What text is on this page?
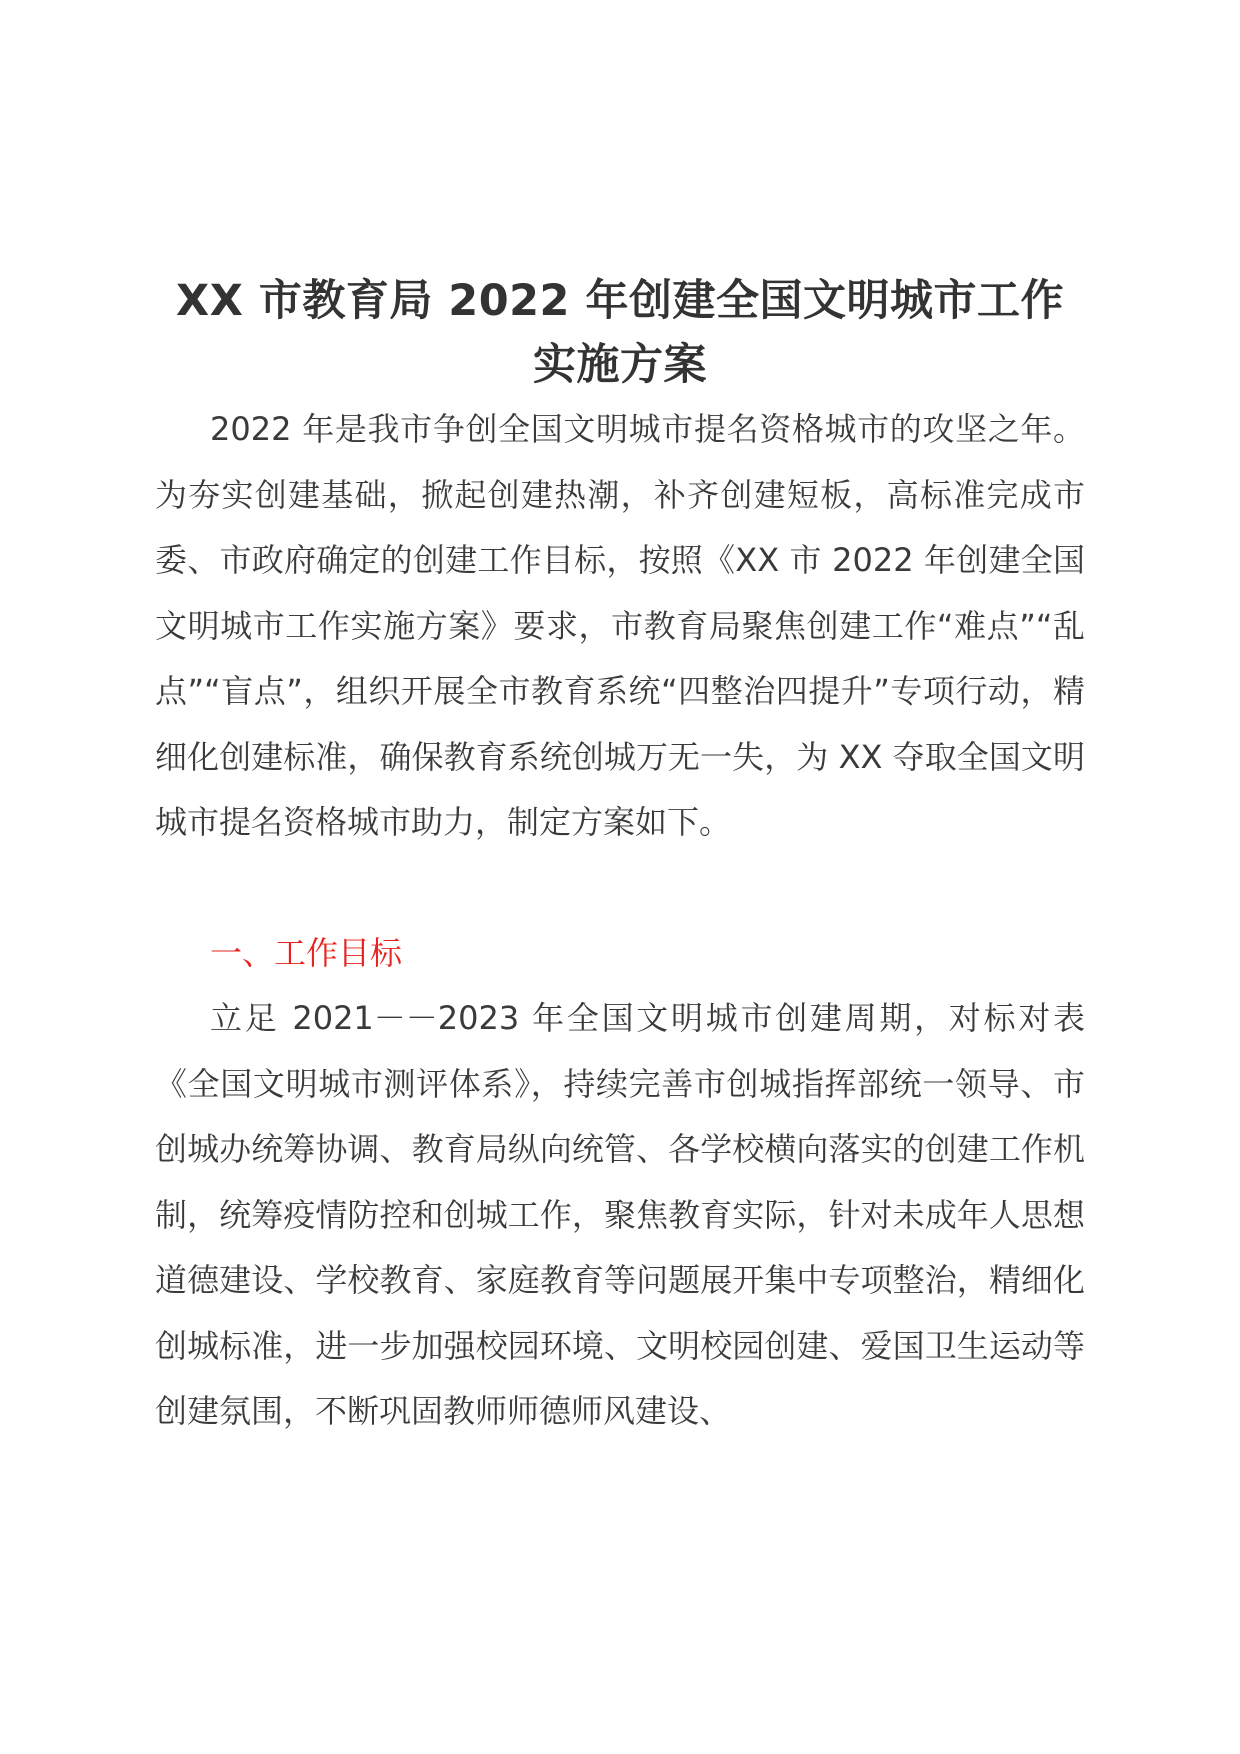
XX 市教育局 2022 年创建全国文明城市工作
实施方案

2022 年是我市争创全国文明城市提名资格城市的攻坚之年。为夯实创建基础，掀起创建热潮，补齐创建短板，高标准完成市委、市政府确定的创建工作目标，按照《XX 市 2022 年创建全国文明城市工作实施方案》要求，市教育局聚焦创建工作“难点”“乱点”“盲点”，组织开展全市教育系统“四整治四提升”专项行动，精细化创建标准，确保教育系统创城万无一失，为 XX 夺取全国文明城市提名资格城市助力，制定方案如下。

一、工作目标

立足 2021－－2023 年全国文明城市创建周期，对标对表《全国文明城市测评体系》，持续完善市创城指挥部统一领导、市创城办统筹协调、教育局纵向统管、各学校横向落实的创建工作机制，统筹疫情防控和创城工作，聚焦教育实际，针对未成年人思想道德建设、学校教育、家庭教育等问题展开集中专项整治，精细化创城标准，进一步加强校园环境、文明校园创建、爱国卫生运动等创建氛围，不断巩固教师师德师风建设、
